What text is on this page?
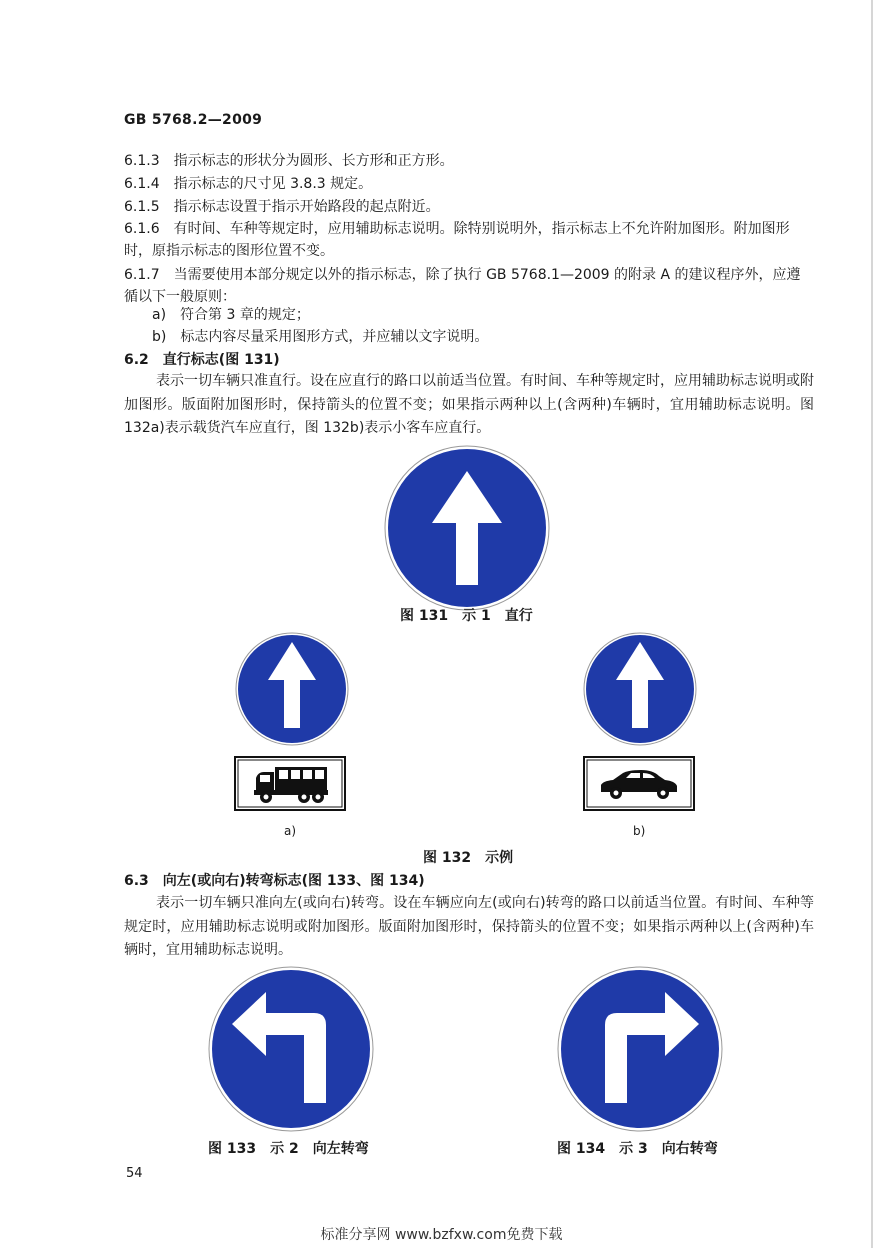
GB 5768.2—2009
6.1.3　 指示标志的形状分为圆形、长方形和正方形。
6.1.4　 指示标志的尺寸见 3.8.3 规定。
6.1.5　 指示标志设置于指示开始路段的起点附近。
6.1.6　 有时间、车种等规定时，应用辅助标志说明。除特别说明外，指示标志上不允许附加图形。附加图形时，原指示标志的图形位置不变。
6.1.7　 当需要使用本部分规定以外的指示标志，除了执行 GB 5768.1—2009 的附录 A 的建议程序外，应遵循以下一般原则：
a)　 符合第 3 章的规定；
b)　 标志内容尽量采用图形方式，并应辅以文字说明。
6.2　直行标志(图 131)
表示一切车辆只准直行。设在应直行的路口以前适当位置。有时间、车种等规定时，应用辅助标志说明或附加图形。版面附加图形时，保持箭头的位置不变；如果指示两种以上(含两种)车辆时，宜用辅助标志说明。图 132a)表示载货汽车应直行，图 132b)表示小客车应直行。
图 131　示 1　直行
a)	b)
图 132　示例
6.3　向左(或向右)转弯标志(图 133、图 134)
表示一切车辆只准向左(或向右)转弯。设在车辆应向左(或向右)转弯的路口以前适当位置。有时间、车种等规定时，应用辅助标志说明或附加图形。版面附加图形时，保持箭头的位置不变；如果指示两种以上(含两种)车辆时，宜用辅助标志说明。
图 133　示 2　向左转弯	图 134　示 3　向右转弯
54
标准分享网 www.bzfxw.com免费下载
